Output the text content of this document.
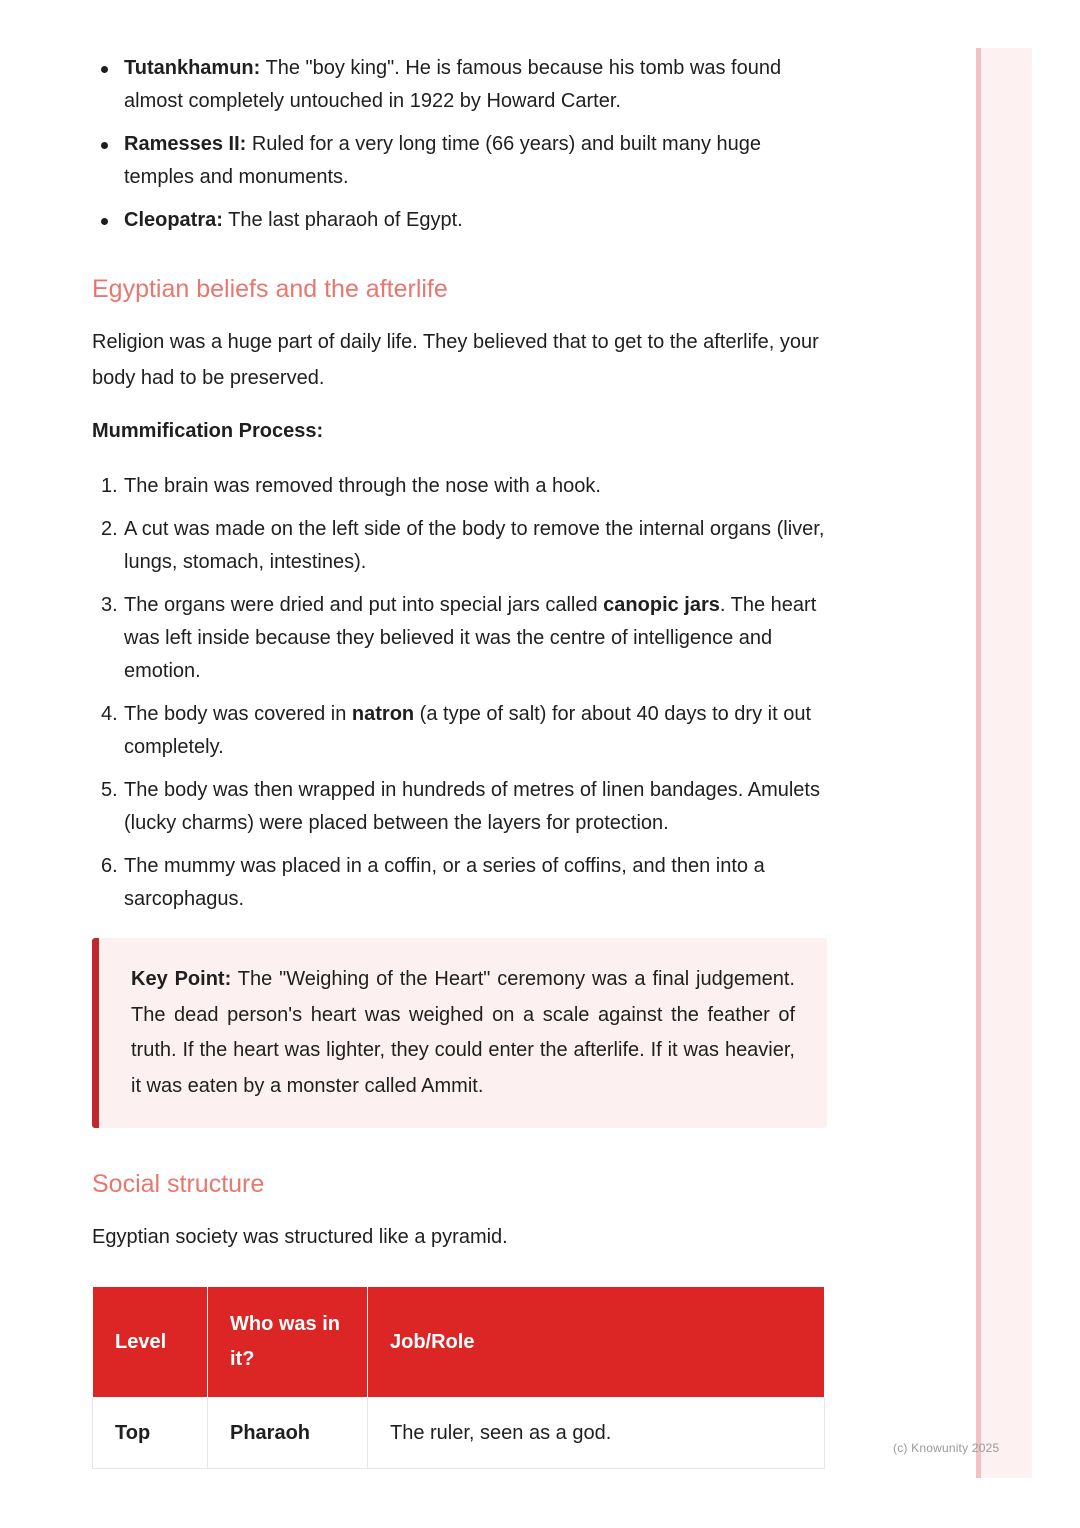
(c) Knowunity 2025
Tutankhamun: The "boy king". He is famous because his tomb was found almost completely untouched in 1922 by Howard Carter.
Ramesses II: Ruled for a very long time (66 years) and built many huge temples and monuments.
Cleopatra: The last pharaoh of Egypt.
Egyptian beliefs and the afterlife

Religion was a huge part of daily life. They believed that to get to the afterlife, your body had to be preserved.

Mummification Process:

1. The brain was removed through the nose with a hook.
2. A cut was made on the left side of the body to remove the internal organs (liver, lungs, stomach, intestines).
3. The organs were dried and put into special jars called canopic jars. The heart was left inside because they believed it was the centre of intelligence and emotion.
4. The body was covered in natron (a type of salt) for about 40 days to dry it out completely.
5. The body was then wrapped in hundreds of metres of linen bandages. Amulets (lucky charms) were placed between the layers for protection.
6. The mummy was placed in a coffin, or a series of coffins, and then into a sarcophagus.
Key Point: The "Weighing of the Heart" ceremony was a final judgement. The dead person's heart was weighed on a scale against the feather of truth. If the heart was lighter, they could enter the afterlife. If it was heavier, it was eaten by a monster called Ammit.
Social structure

Egyptian society was structured like a pyramid.

Level	Who was in it?	Job/Role
Top	Pharaoh	The ruler, seen as a god.
